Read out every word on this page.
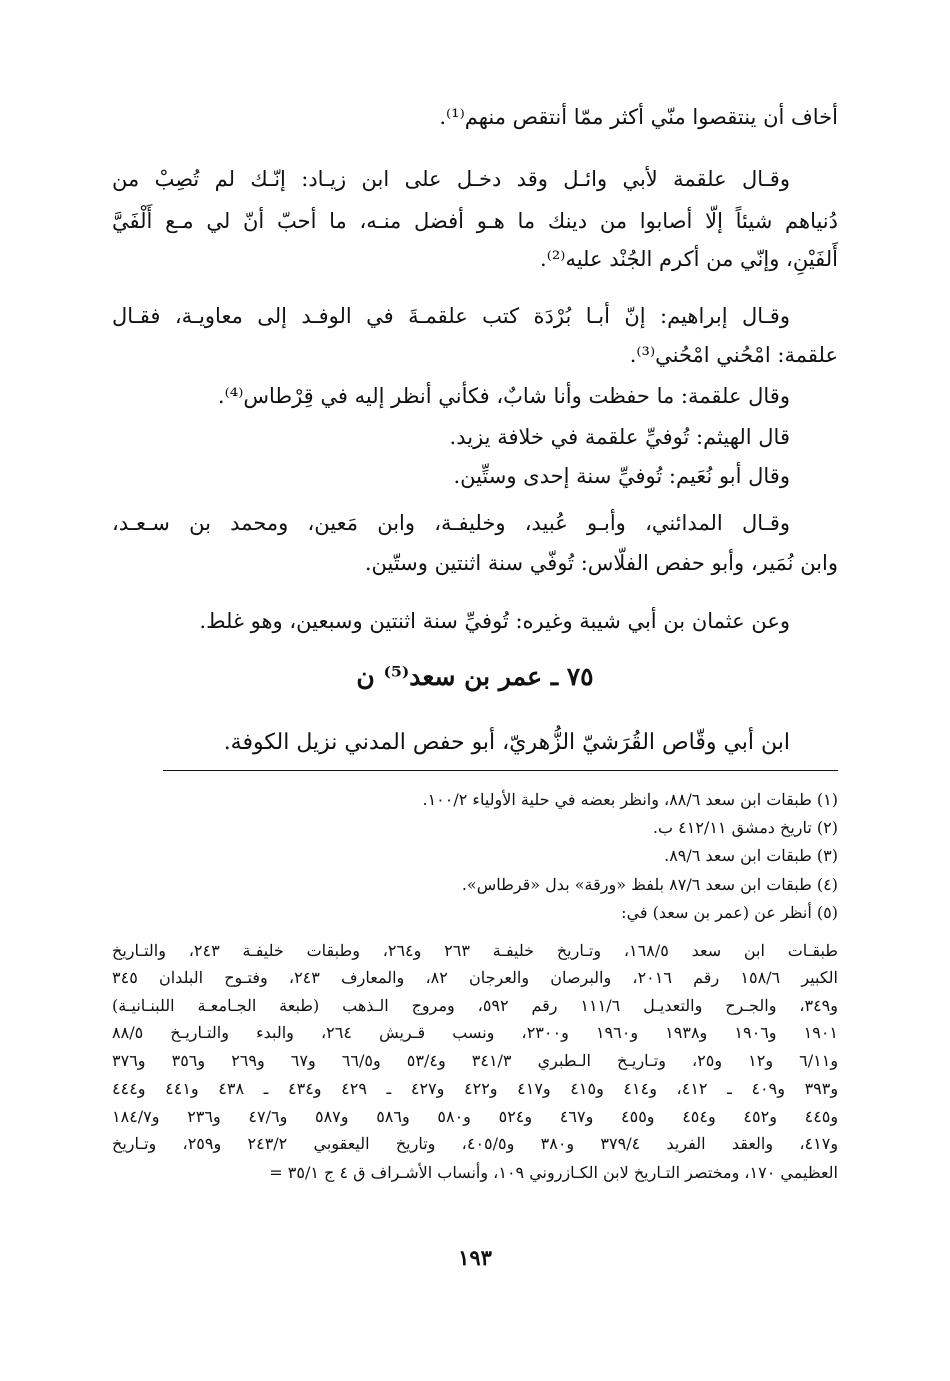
أخاف أن ينتقصوا منّي أكثر ممّا أنتقص منهم⁽¹⁾.
وقـال علقمة لأبي وائـل وقد دخـل على ابن زيـاد: إنّـك لم تُصِبْ من
دُنياهم شيئاً إلّا أصابوا من دينك ما هـو أفضل منـه، ما أحبّ أنّ لي مـع أَلْفَيَّ
أَلفَيْنِ، وإنّي من أكرم الجُنْد عليه⁽²⁾.
وقـال إبراهيم: إنّ أبـا بُرْدَة كتب علقمـةَ في الوفـد إلى معاويـة، فقـال
علقمة: امْحُني امْحُني⁽³⁾.
وقال علقمة: ما حفظت وأنا شابٌ، فكأني أنظر إليه في قِرْطاس⁽⁴⁾.
قال الهيثم: تُوفيِّ علقمة في خلافة يزيد.
وقال أبو نُعَيم: تُوفيِّ سنة إحدى وستِّين.
وقـال المدائني، وأبـو عُبيد، وخليفـة، وابن مَعين، ومحمد بن سـعـد،
وابن نُمَير، وأبو حفص الفلّاس: تُوفّي سنة اثنتين وستّين.
وعن عثمان بن أبي شيبة وغيره: تُوفيِّ سنة اثنتين وسبعين، وهو غلط.
٧٥ ـ عمر بن سعد⁽⁵⁾ ن
ابن أبي وقّاص القُرَشيّ الزُّهريّ، أبو حفص المدني نزيل الكوفة.
(١) طبقات ابن سعد ٨٨/٦، وانظر بعضه في حلية الأولياء ١٠٠/٢.
(٢) تاريخ دمشق ٤١٢/١١ ب.
(٣) طبقات ابن سعد ٨٩/٦.
(٤) طبقات ابن سعد ٨٧/٦ بلفظ «ورقة» بدل «قرطاس».
(٥) أنظر عن (عمر بن سعد) في:
طبقـات ابن سعد ١٦٨/٥، وتـاريخ خليفـة ٢٦٣ و٢٦٤، وطبقات خليفـة ٢٤٣، والتـاريخ
الكبير ١٥٨/٦ رقم ٢٠١٦، والبرصان والعرجان ٨٢، والمعارف ٢٤٣، وفتـوح البلدان ٣٤٥
و٣٤٩، والجـرح والتعديـل ١١١/٦ رقم ٥٩٢، ومروج الـذهب (طبعة الجـامعـة اللبنـانيـة)
١٩٠١ و١٩٠٦ و١٩٣٨ و١٩٦٠ و٢٣٠٠، ونسب قـريش ٢٦٤، والبدء والتـاريـخ ٨٨/٥
و٦/١١ و١٢ و٢٥، وتـاريـخ الـطبري ٣٤١/٣ و٥٣/٤ و٦٦/٥ و٦٧ و٢٦٩ و٣٥٦ و٣٧٦
و٣٩٣ و٤٠٩ ـ ٤١٢، و٤١٤ و٤١٥ و٤١٧ و٤٢٢ و٤٢٧ ـ ٤٢٩ و٤٣٤ ـ ٤٣٨ و٤٤١ و٤٤٤
و٤٤٥ و٤٥٢ و٤٥٤ و٤٥٥ و٤٦٧ و٥٢٤ و٥٨٠ و٥٨٦ و٥٨٧ و٤٧/٦ و٢٣٦ و١٨٤/٧
و٤١٧، والعقد الفريد ٣٧٩/٤ و٣٨٠ و٤٠٥/٥، وتاريخ اليعقوبي ٢٤٣/٢ و٢٥٩، وتـاريخ
العظيمي ١٧٠، ومختصر التـاريخ لابن الكـازروني ١٠٩، وأنساب الأشـراف ق ٤ ج ٣٥/١ =
١٩٣
